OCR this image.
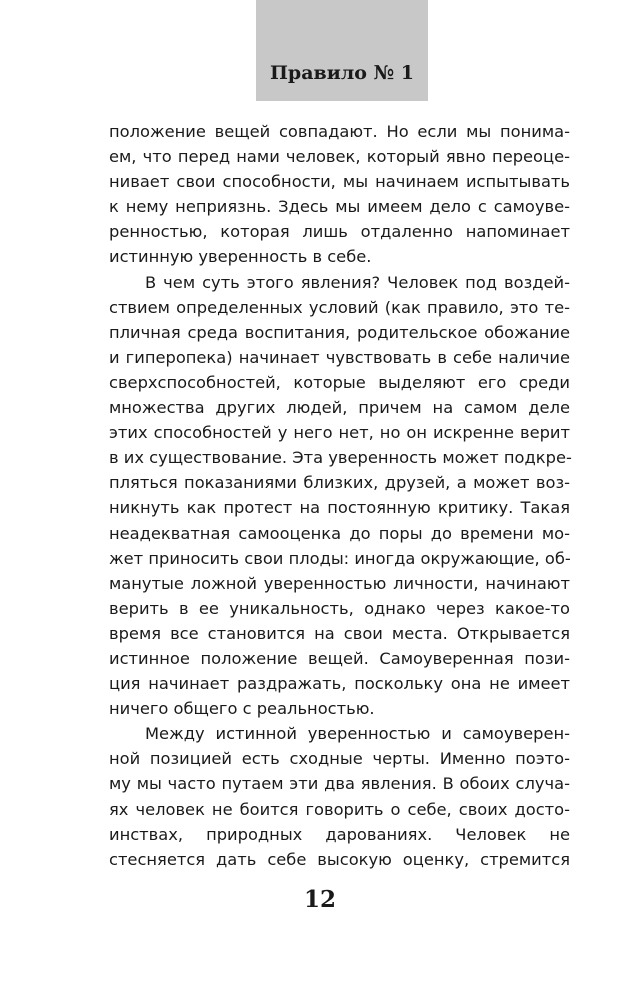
Правило № 1
положение вещей совпадают. Но если мы понима-
ем, что перед нами человек, который явно переоце-
нивает свои способности, мы начинаем испытывать
к нему неприязнь. Здесь мы имеем дело с самоуве-
ренностью, которая лишь отдаленно напоминает
истинную уверенность в себе.
В чем суть этого явления? Человек под воздей-
ствием определенных условий (как правило, это те-
пличная среда воспитания, родительское обожание
и гиперопека) начинает чувствовать в себе наличие
сверхспособностей, которые выделяют его среди
множества других людей, причем на самом деле
этих способностей у него нет, но он искренне верит
в их существование. Эта уверенность может подкре-
пляться показаниями близких, друзей, а может воз-
никнуть как протест на постоянную критику. Такая
неадекватная самооценка до поры до времени мо-
жет приносить свои плоды: иногда окружающие, об-
манутые ложной уверенностью личности, начинают
верить в ее уникальность, однако через какое-то
время все становится на свои места. Открывается
истинное положение вещей. Самоуверенная пози-
ция начинает раздражать, поскольку она не имеет
ничего общего с реальностью.
Между истинной уверенностью и самоуверен-
ной позицией есть сходные черты. Именно поэто-
му мы часто путаем эти два явления. В обоих случа-
ях человек не боится говорить о себе, своих досто-
инствах, природных дарованиях. Человек не
стесняется дать себе высокую оценку, стремится
12
